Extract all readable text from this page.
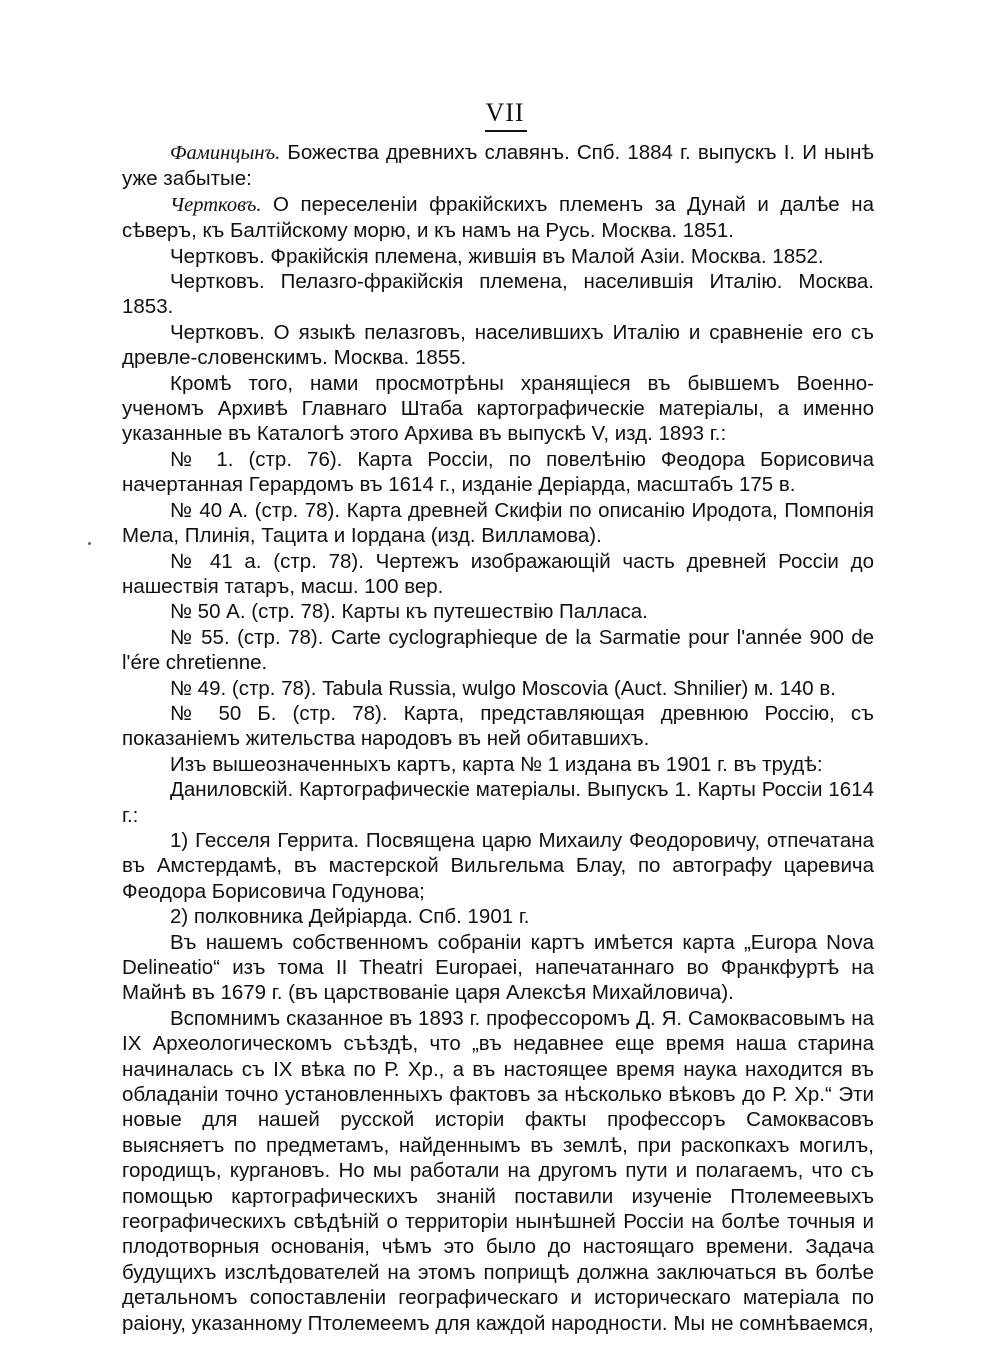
VII

Фаминцынъ. Божества древнихъ славянъ. Спб. 1884 г. выпускъ I. И нынѣ уже забытые:

Чертковъ. О переселеніи фракійскихъ племенъ за Дунай и далѣе на сѣверъ, къ Балтійскому морю, и къ намъ на Русь. Москва. 1851.

Чертковъ. Фракійскія племена, жившія въ Малой Азіи. Москва. 1852.

Чертковъ. Пелазго-фракійскія племена, населившія Италію. Москва. 1853.

Чертковъ. О языкѣ пелазговъ, населившихъ Италію и сравненіе его съ древле-словенскимъ. Москва. 1855.

Кромѣ того, нами просмотрѣны хранящіеся въ бывшемъ Военно-ученомъ Архивѣ Главнаго Штаба картографическіе матеріалы, а именно указанные въ Каталогѣ этого Архива въ выпускѣ V, изд. 1893 г.:

№ 1. (стр. 76). Карта Россіи, по повелѣнію Феодора Борисовича начертанная Герардомъ въ 1614 г., изданіе Деріарда, масштабъ 175 в.

№ 40 А. (стр. 78). Карта древней Скифіи по описанію Иродота, Помпонія Мела, Плинія, Тацита и Іордана (изд. Вилламова).

№ 41 а. (стр. 78). Чертежъ изображающій часть древней Россіи до нашествія татаръ, масш. 100 вер.

№ 50 А. (стр. 78). Карты къ путешествію Палласа.

№ 55. (стр. 78). Carte cyclographieque de la Sarmatie pour l'annéе 900 de l'ére chretienne.

№ 49. (стр. 78). Tabula Russia, wulgo Moscovia (Auct. Shnilier) м. 140 в.

№ 50 Б. (стр. 78). Карта, представляющая древнюю Россію, съ показаніемъ жительства народовъ въ ней обитавшихъ.

Изъ вышеозначенныхъ картъ, карта № 1 издана въ 1901 г. въ трудѣ:

Даниловскій. Картографическіе матеріалы. Выпускъ 1. Карты Россіи 1614 г.:

1) Гесселя Геррита. Посвящена царю Михаилу Феодоровичу, отпечатана въ Амстердамѣ, въ мастерской Вильгельма Блау, по автографу царевича Феодора Борисовича Годунова;

2) полковника Дейріарда. Спб. 1901 г.

Въ нашемъ собственномъ собраніи картъ имѣется карта „Europa Nova Delineatio“ изъ тома II Theatri Europaei, напечатаннаго во Франкфуртѣ на Майнѣ въ 1679 г. (въ царствованіе царя Алексѣя Михайловича).

Вспомнимъ сказанное въ 1893 г. профессоромъ Д. Я. Самоквасовымъ на IX Археологическомъ съѣздѣ, что „въ недавнее еще время наша старина начиналась съ IX вѣка по Р. Хр., а въ настоящее время наука находится въ обладаніи точно установленныхъ фактовъ за нѣсколько вѣковъ до Р. Хр.“ Эти новые для нашей русской исторіи факты профессоръ Самоквасовъ выясняетъ по предметамъ, найденнымъ въ землѣ, при раскопкахъ могилъ, городищъ, кургановъ. Но мы работали на другомъ пути и полагаемъ, что съ помощью картографическихъ знаній поставили изученіе Птолемеевыхъ географическихъ свѣдѣній о территоріи нынѣшней Россіи на болѣе точныя и плодотворныя основанія, чѣмъ это было до настоящаго времени. Задача будущихъ изслѣдователей на этомъ поприщѣ должна заключаться въ болѣе детальномъ сопоставленіи географическаго и историческаго матеріала по раіону, указанному Птолемеемъ для каждой народности. Мы не сомнѣваемся,
